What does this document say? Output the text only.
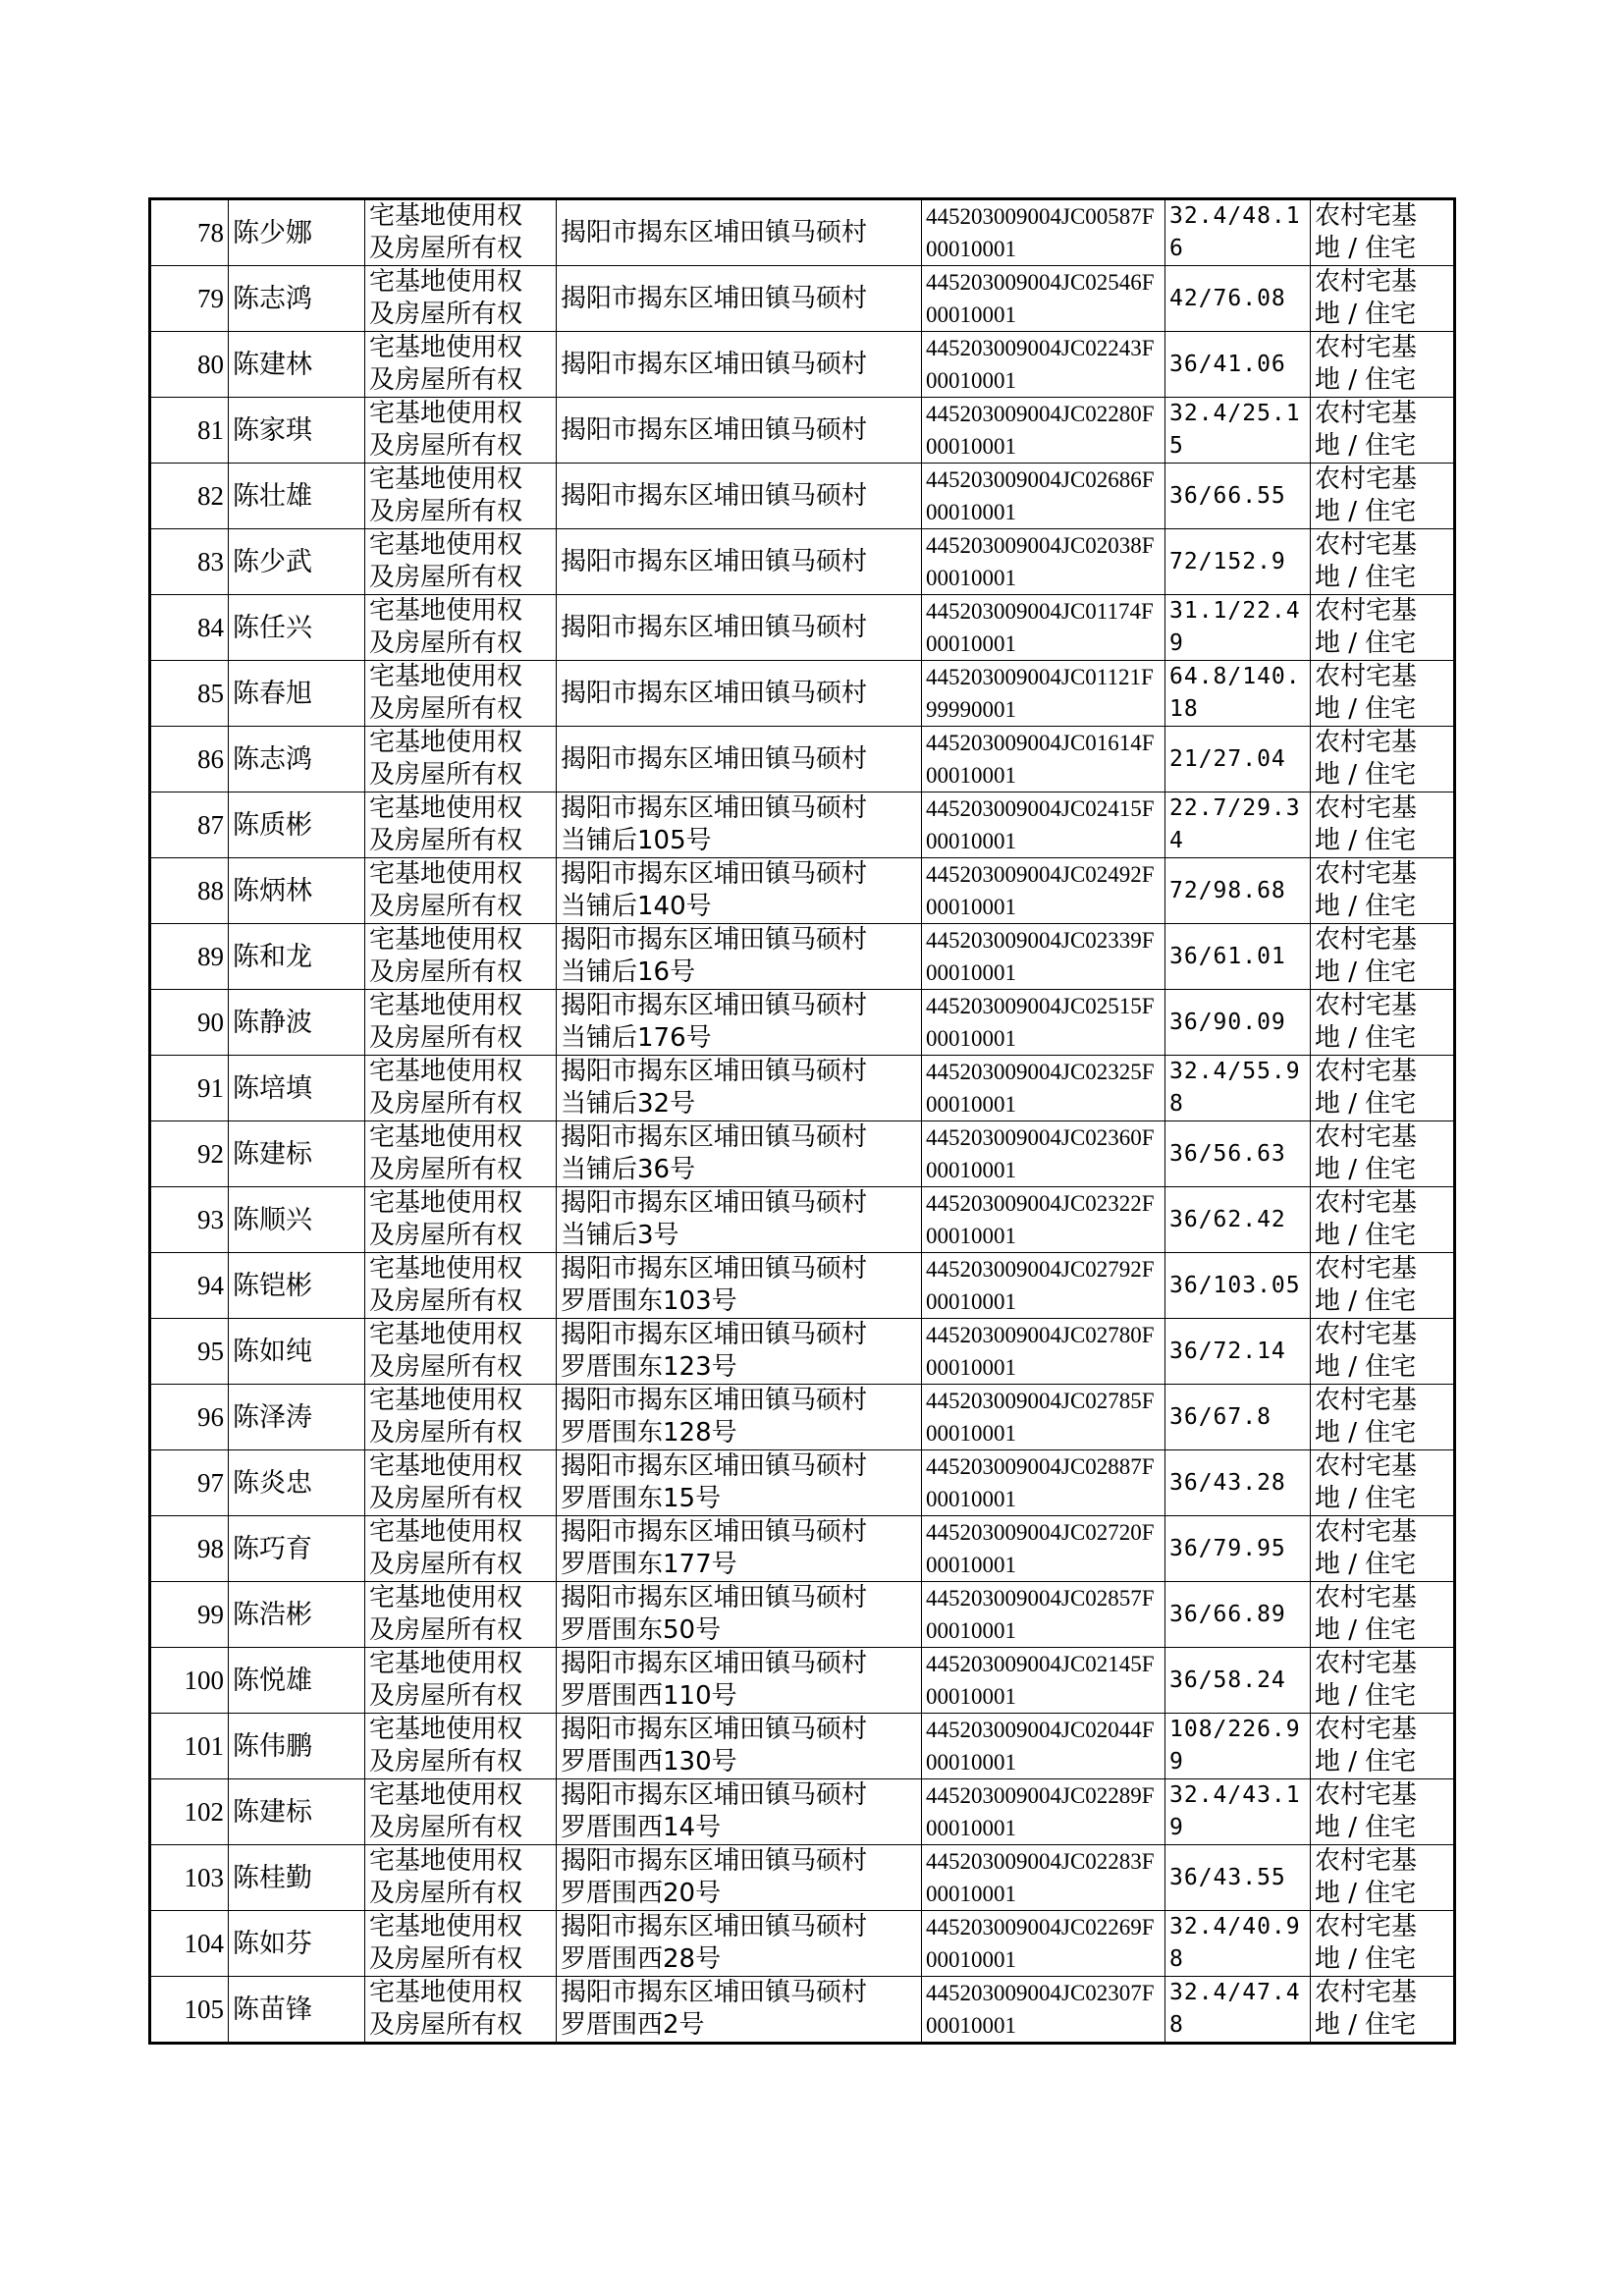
78	陈少娜	宅基地使用权
及房屋所有权	揭阳市揭东区埔田镇马硕村	445203009004JC00587F00010001	32.4/48.16	农村宅基
地 / 住宅

79	陈志鸿	宅基地使用权
及房屋所有权	揭阳市揭东区埔田镇马硕村	445203009004JC02546F00010001	42/76.08	农村宅基
地 / 住宅

80	陈建林	宅基地使用权
及房屋所有权	揭阳市揭东区埔田镇马硕村	445203009004JC02243F00010001	36/41.06	农村宅基
地 / 住宅

81	陈家琪	宅基地使用权
及房屋所有权	揭阳市揭东区埔田镇马硕村	445203009004JC02280F00010001	32.4/25.15	农村宅基
地 / 住宅

82	陈壮雄	宅基地使用权
及房屋所有权	揭阳市揭东区埔田镇马硕村	445203009004JC02686F00010001	36/66.55	农村宅基
地 / 住宅

83	陈少武	宅基地使用权
及房屋所有权	揭阳市揭东区埔田镇马硕村	445203009004JC02038F00010001	72/152.9	农村宅基
地 / 住宅

84	陈任兴	宅基地使用权
及房屋所有权	揭阳市揭东区埔田镇马硕村	445203009004JC01174F00010001	31.1/22.49	农村宅基
地 / 住宅

85	陈春旭	宅基地使用权
及房屋所有权	揭阳市揭东区埔田镇马硕村	445203009004JC01121F99990001	64.8/140.18	农村宅基
地 / 住宅

86	陈志鸿	宅基地使用权
及房屋所有权	揭阳市揭东区埔田镇马硕村	445203009004JC01614F00010001	21/27.04	农村宅基
地 / 住宅

87	陈质彬	宅基地使用权
及房屋所有权	揭阳市揭东区埔田镇马硕村
当铺后105号	445203009004JC02415F00010001	22.7/29.34	农村宅基
地 / 住宅

88	陈炳林	宅基地使用权
及房屋所有权	揭阳市揭东区埔田镇马硕村
当铺后140号	445203009004JC02492F00010001	72/98.68	农村宅基
地 / 住宅

89	陈和龙	宅基地使用权
及房屋所有权	揭阳市揭东区埔田镇马硕村
当铺后16号	445203009004JC02339F00010001	36/61.01	农村宅基
地 / 住宅

90	陈静波	宅基地使用权
及房屋所有权	揭阳市揭东区埔田镇马硕村
当铺后176号	445203009004JC02515F00010001	36/90.09	农村宅基
地 / 住宅

91	陈培填	宅基地使用权
及房屋所有权	揭阳市揭东区埔田镇马硕村
当铺后32号	445203009004JC02325F00010001	32.4/55.98	农村宅基
地 / 住宅

92	陈建标	宅基地使用权
及房屋所有权	揭阳市揭东区埔田镇马硕村
当铺后36号	445203009004JC02360F00010001	36/56.63	农村宅基
地 / 住宅

93	陈顺兴	宅基地使用权
及房屋所有权	揭阳市揭东区埔田镇马硕村
当铺后3号	445203009004JC02322F00010001	36/62.42	农村宅基
地 / 住宅

94	陈铠彬	宅基地使用权
及房屋所有权	揭阳市揭东区埔田镇马硕村
罗厝围东103号	445203009004JC02792F00010001	36/103.05	农村宅基
地 / 住宅

95	陈如纯	宅基地使用权
及房屋所有权	揭阳市揭东区埔田镇马硕村
罗厝围东123号	445203009004JC02780F00010001	36/72.14	农村宅基
地 / 住宅

96	陈泽涛	宅基地使用权
及房屋所有权	揭阳市揭东区埔田镇马硕村
罗厝围东128号	445203009004JC02785F00010001	36/67.8	农村宅基
地 / 住宅

97	陈炎忠	宅基地使用权
及房屋所有权	揭阳市揭东区埔田镇马硕村
罗厝围东15号	445203009004JC02887F00010001	36/43.28	农村宅基
地 / 住宅

98	陈巧育	宅基地使用权
及房屋所有权	揭阳市揭东区埔田镇马硕村
罗厝围东177号	445203009004JC02720F00010001	36/79.95	农村宅基
地 / 住宅

99	陈浩彬	宅基地使用权
及房屋所有权	揭阳市揭东区埔田镇马硕村
罗厝围东50号	445203009004JC02857F00010001	36/66.89	农村宅基
地 / 住宅

100	陈悦雄	宅基地使用权
及房屋所有权	揭阳市揭东区埔田镇马硕村
罗厝围西110号	445203009004JC02145F00010001	36/58.24	农村宅基
地 / 住宅

101	陈伟鹏	宅基地使用权
及房屋所有权	揭阳市揭东区埔田镇马硕村
罗厝围西130号	445203009004JC02044F00010001	108/226.99	农村宅基
地 / 住宅

102	陈建标	宅基地使用权
及房屋所有权	揭阳市揭东区埔田镇马硕村
罗厝围西14号	445203009004JC02289F00010001	32.4/43.19	农村宅基
地 / 住宅

103	陈桂勤	宅基地使用权
及房屋所有权	揭阳市揭东区埔田镇马硕村
罗厝围西20号	445203009004JC02283F00010001	36/43.55	农村宅基
地 / 住宅

104	陈如芬	宅基地使用权
及房屋所有权	揭阳市揭东区埔田镇马硕村
罗厝围西28号	445203009004JC02269F00010001	32.4/40.98	农村宅基
地 / 住宅

105	陈苗锋	宅基地使用权
及房屋所有权	揭阳市揭东区埔田镇马硕村
罗厝围西2号	445203009004JC02307F00010001	32.4/47.48	农村宅基
地 / 住宅
